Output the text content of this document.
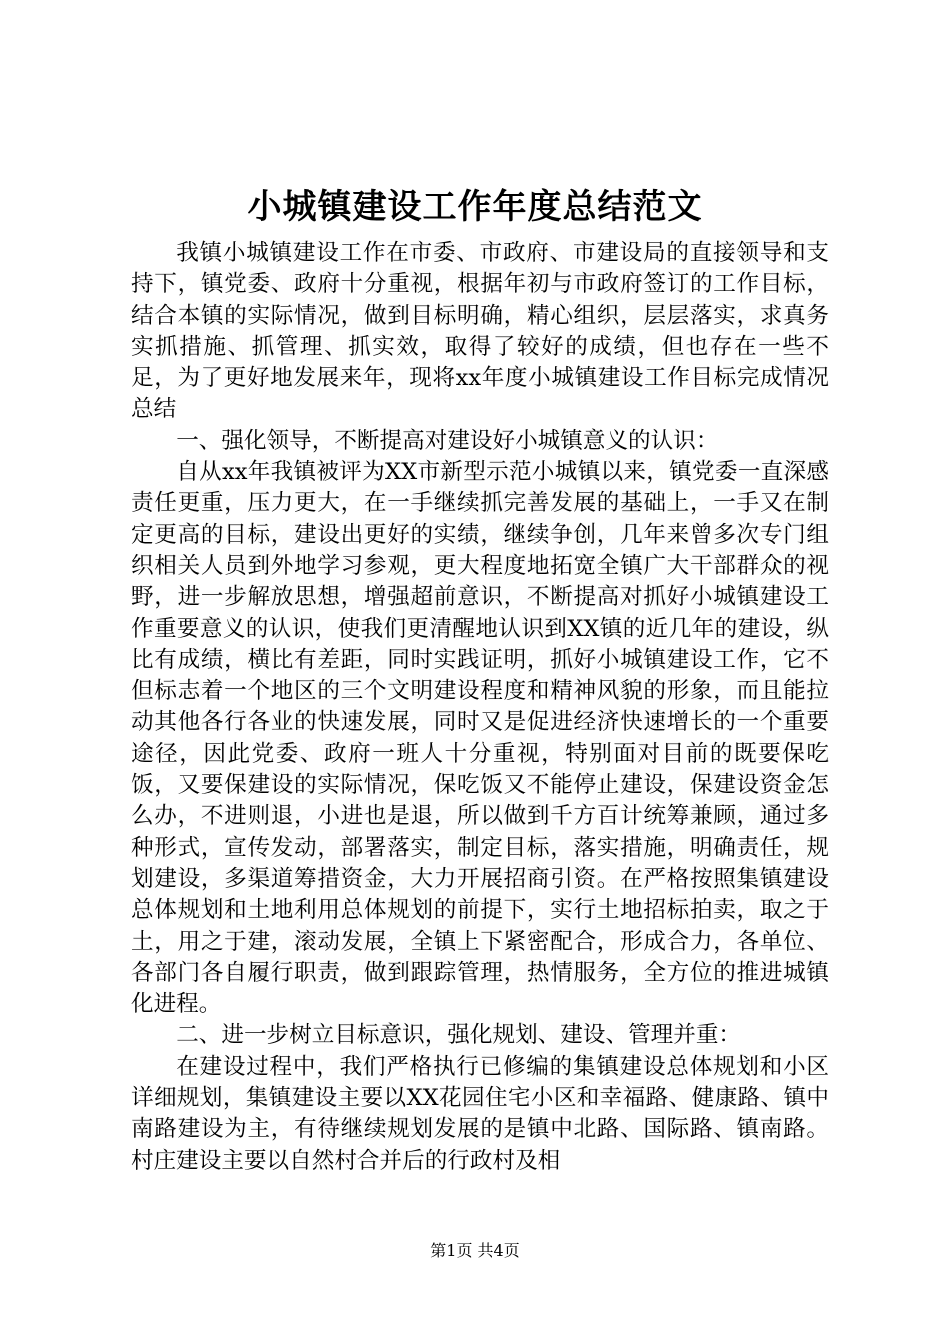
小城镇建设工作年度总结范文

我镇小城镇建设工作在市委、市政府、市建设局的直接领导和支持下，镇党委、政府十分重视，根据年初与市政府签订的工作目标，结合本镇的实际情况，做到目标明确，精心组织，层层落实，求真务实抓措施、抓管理、抓实效，取得了较好的成绩，但也存在一些不足，为了更好地发展来年，现将xx年度小城镇建设工作目标完成情况总结

一、强化领导，不断提高对建设好小城镇意义的认识：

自从xx年我镇被评为XX市新型示范小城镇以来，镇党委一直深感责任更重，压力更大，在一手继续抓完善发展的基础上，一手又在制定更高的目标，建设出更好的实绩，继续争创，几年来曾多次专门组织相关人员到外地学习参观，更大程度地拓宽全镇广大干部群众的视野，进一步解放思想，增强超前意识，不断提高对抓好小城镇建设工作重要意义的认识，使我们更清醒地认识到XX镇的近几年的建设，纵比有成绩，横比有差距，同时实践证明，抓好小城镇建设工作，它不但标志着一个地区的三个文明建设程度和精神风貌的形象，而且能拉动其他各行各业的快速发展，同时又是促进经济快速增长的一个重要途径，因此党委、政府一班人十分重视，特别面对目前的既要保吃饭，又要保建设的实际情况，保吃饭又不能停止建设，保建设资金怎么办，不进则退，小进也是退，所以做到千方百计统筹兼顾，通过多种形式，宣传发动，部署落实，制定目标，落实措施，明确责任，规划建设，多渠道筹措资金，大力开展招商引资。在严格按照集镇建设总体规划和土地利用总体规划的前提下，实行土地招标拍卖，取之于土，用之于建，滚动发展，全镇上下紧密配合，形成合力，各单位、各部门各自履行职责，做到跟踪管理，热情服务，全方位的推进城镇化进程。

二、进一步树立目标意识，强化规划、建设、管理并重：

在建设过程中，我们严格执行已修编的集镇建设总体规划和小区详细规划，集镇建设主要以XX花园住宅小区和幸福路、健康路、镇中南路建设为主，有待继续规划发展的是镇中北路、国际路、镇南路。村庄建设主要以自然村合并后的行政村及相

第1页 共4页
